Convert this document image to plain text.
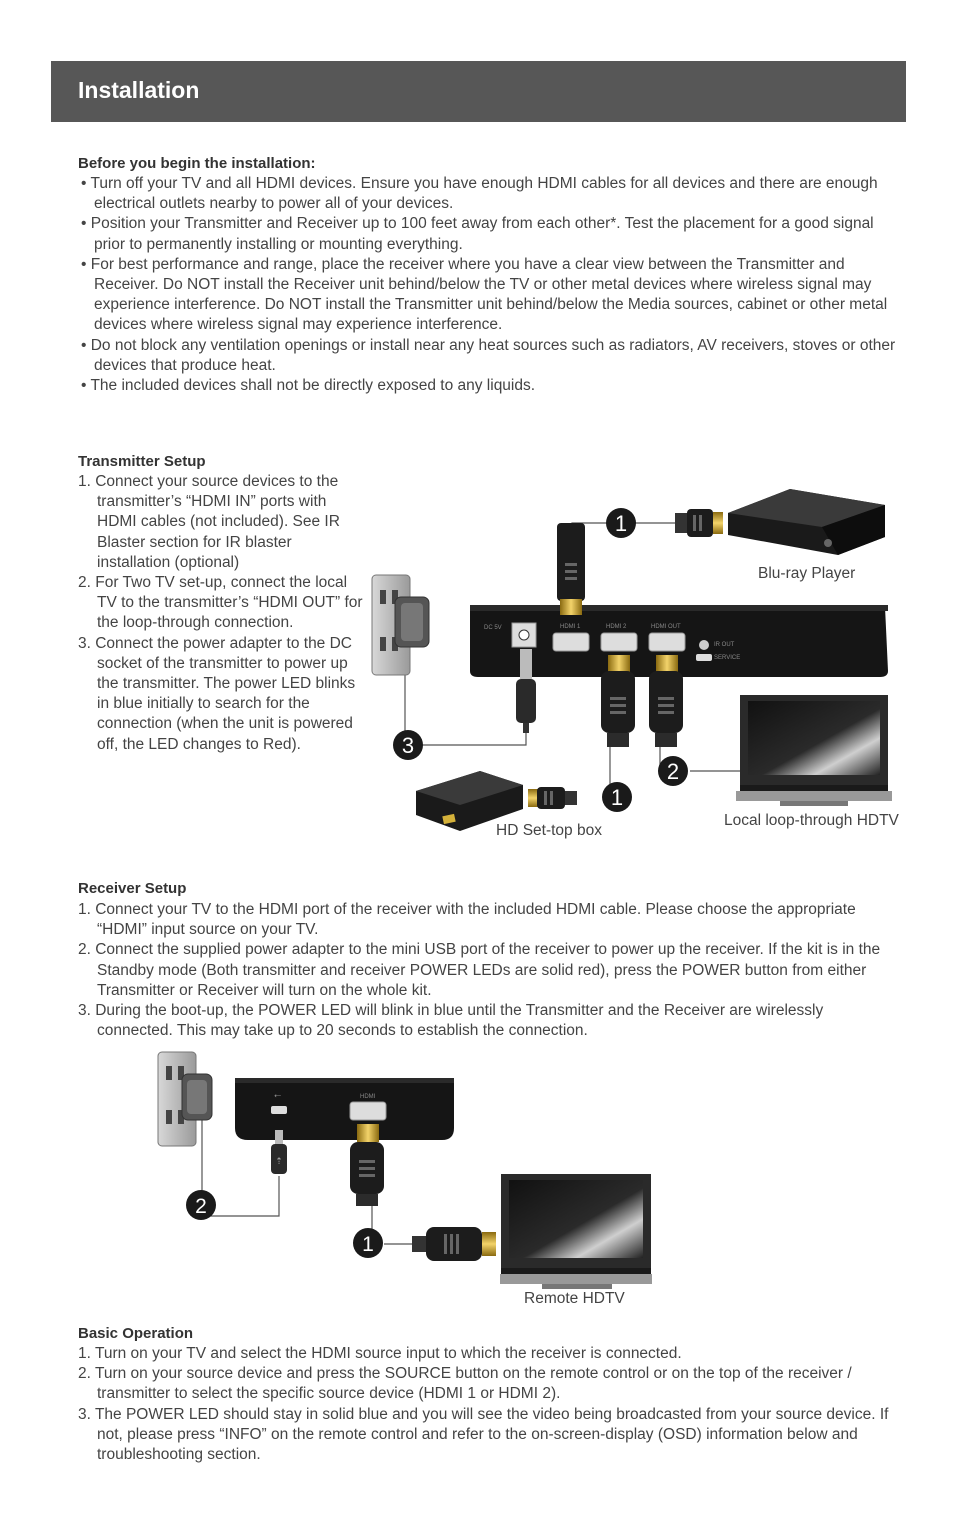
Installation
Before you begin the installation:

• Turn off your TV and all HDMI devices. Ensure you have enough HDMI cables for all devices and there are enough electrical outlets nearby to power all of your devices.

• Position your Transmitter and Receiver up to 100 feet away from each other*. Test the placement for a good signal prior to permanently installing or mounting everything.

• For best performance and range, place the receiver where you have a clear view between the Transmitter and Receiver. Do NOT install the Receiver unit behind/below the TV or other metal devices where wireless signal may experience interference. Do NOT install the Transmitter unit behind/below the Media sources, cabinet or other metal devices where wireless signal may experience interference.

• Do not block any ventilation openings or install near any heat sources such as radiators, AV receivers, stoves or other devices that produce heat.

• The included devices shall not be directly exposed to any liquids.

Transmitter Setup

1. Connect your source devices to the transmitter’s “HDMI IN” ports with HDMI cables (not included). See IR Blaster section for IR blaster installation (optional)

2. For Two TV set-up, connect the local TV to the transmitter’s “HDMI OUT” for the loop-through connection.

3. Connect the power adapter to the DC socket of the transmitter to power up the transmitter. The power LED blinks in blue initially to search for the connection (when the unit is powered off, the LED changes to Red).

DC 5V	HDMI 1	HDMI 2	HDMI OUT
IR OUT
SERVICE
1
3
1
2

Blu-ray Player

HD Set-top box

Local loop-through HDTV

Receiver Setup

1. Connect your TV to the HDMI port of the receiver with the included HDMI cable. Please choose the appropriate “HDMI” input source on your TV.

2. Connect the supplied power adapter to the mini USB port of the receiver to power up the receiver. If the kit is in the Standby mode (Both transmitter and receiver POWER LEDs are solid red), press the POWER button from either Transmitter or Receiver will turn on the whole kit.

3. During the boot-up, the POWER LED will blink in blue until the Transmitter and the Receiver are wirelessly connected. This may take up to 20 seconds to establish the connection.

⭠	HDMI
⇡
2
1

Remote HDTV

Basic Operation

1. Turn on your TV and select the HDMI source input to which the receiver is connected.

2. Turn on your source device and press the SOURCE button on the remote control or on the top of the receiver / transmitter to select the specific source device (HDMI 1 or HDMI 2).

3. The POWER LED should stay in solid blue and you will see the video being broadcasted from your source device. If not, please press “INFO” on the remote control and refer to the on-screen-display (OSD) information below and troubleshooting section.
